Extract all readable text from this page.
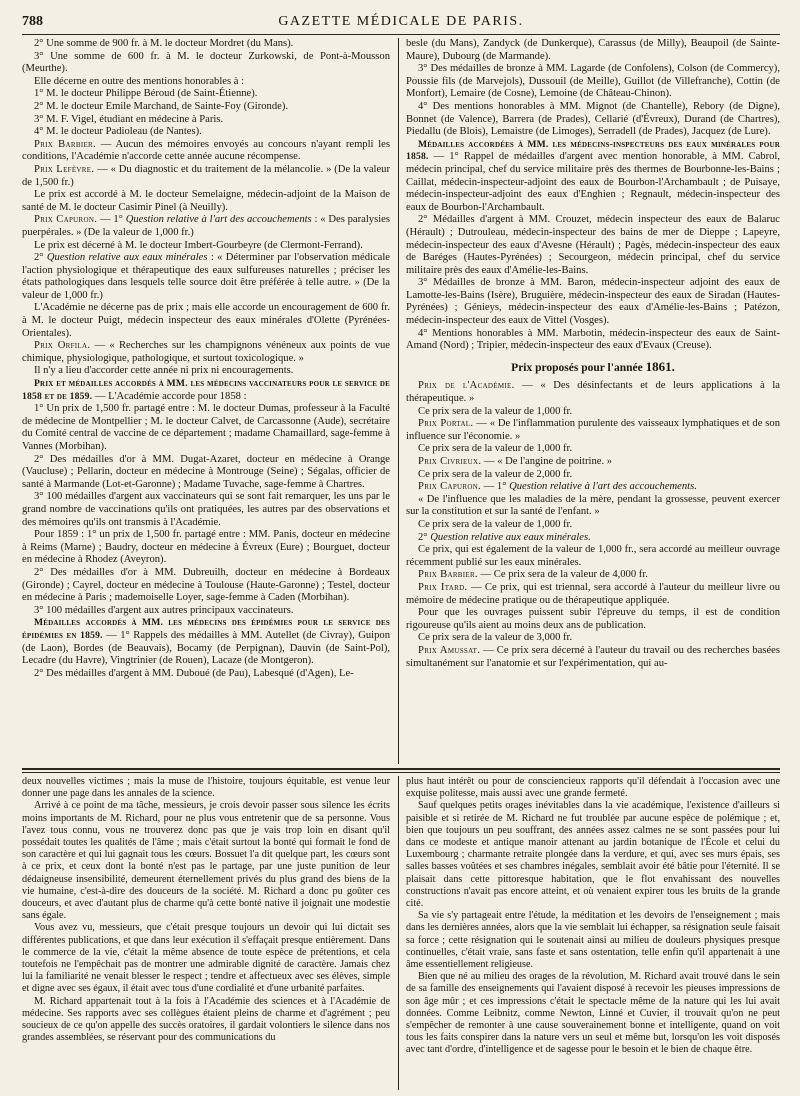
788	GAZETTE MÉDICALE DE PARIS.

2° Une somme de 900 fr. à M. le docteur Mordret (du Mans).

3° Une somme de 600 fr. à M. le docteur Zurkowski, de Pont-à-Mousson (Meurthe).

Elle décerne en outre des mentions honorables à :

1° M. le docteur Philippe Béroud (de Saint-Étienne).

2° M. le docteur Emile Marchand, de Sainte-Foy (Gironde).

3° M. F. Vigel, étudiant en médecine à Paris.

4° M. le docteur Padioleau (de Nantes).

Prix Barbier. — Aucun des mémoires envoyés au concours n'ayant rempli les conditions, l'Académie n'accorde cette année aucune récompense.

Prix Lefèvre. — « Du diagnostic et du traitement de la mélancolie. » (De la valeur de 1,500 fr.)

Le prix est accordé à M. le docteur Semelaigne, médecin-adjoint de la Maison de santé de M. le docteur Casimir Pinel (à Neuilly).

Prix Capuron. — 1° Question relative à l'art des accouchements : « Des paralysies puerpérales. » (De la valeur de 1,000 fr.)

Le prix est décerné à M. le docteur Imbert-Gourbeyre (de Clermont-Ferrand).

2° Question relative aux eaux minérales : « Déterminer par l'observation médicale l'action physiologique et thérapeutique des eaux sulfureuses naturelles ; préciser les états pathologiques dans lesquels telle source doit être préférée à telle autre. » (De la valeur de 1,000 fr.)

L'Académie ne décerne pas de prix ; mais elle accorde un encouragement de 600 fr. à M. le docteur Puigt, médecin inspecteur des eaux minérales d'Olette (Pyrénées-Orientales).

Prix Orfila. — « Recherches sur les champignons vénéneux aux points de vue chimique, physiologique, pathologique, et surtout toxicologique. »

Il n'y a lieu d'accorder cette année ni prix ni encouragements.

Prix et médailles accordés à MM. les médecins vaccinateurs pour le service de 1858 et de 1859. — L'Académie accorde pour 1858 :

1° Un prix de 1,500 fr. partagé entre : M. le docteur Dumas, professeur à la Faculté de médecine de Montpellier ; M. le docteur Calvet, de Carcassonne (Aude), secrétaire du Comité central de vaccine de ce département ; madame Chamaillard, sage-femme à Vannes (Morbihan).

2° Des médailles d'or à MM. Dugat-Azaret, docteur en médecine à Orange (Vaucluse) ; Pellarin, docteur en médecine à Montrouge (Seine) ; Ségalas, officier de santé à Marmande (Lot-et-Garonne) ; Madame Tuvache, sage-femme à Chartres.

3° 100 médailles d'argent aux vaccinateurs qui se sont fait remarquer, les uns par le grand nombre de vaccinations qu'ils ont pratiquées, les autres par des observations et des mémoires qu'ils ont transmis à l'Académie.

Pour 1859 : 1° un prix de 1,500 fr. partagé entre : MM. Panis, docteur en médecine à Reims (Marne) ; Baudry, docteur en médecine à Évreux (Eure) ; Bourguet, docteur en médecine à Rhodez (Aveyron).

2° Des médailles d'or à MM. Dubreuilh, docteur en médecine à Bordeaux (Gironde) ; Cayrel, docteur en médecine à Toulouse (Haute-Garonne) ; Testel, docteur en médecine à Paris ; mademoiselle Loyer, sage-femme à Caden (Morbihan).

3° 100 médailles d'argent aux autres principaux vaccinateurs.

Médailles accordés à MM. les médecins des épidémies pour le service des épidémies en 1859. — 1° Rappels des médailles à MM. Autellet (de Civray), Guipon (de Laon), Bordes (de Beauvais), Bocamy (de Perpignan), Dauvin (de Saint-Pol), Lecadre (du Havre), Vingtrinier (de Rouen), Lacaze (de Montgeron).

2° Des médailles d'argent à MM. Duboué (de Pau), Labesqué (d'Agen), Le-

besle (du Mans), Zandyck (de Dunkerque), Carassus (de Milly), Beaupoil (de Sainte-Maure), Dubourg (de Marmande).

3° Des médailles de bronze à MM. Lagarde (de Confolens), Colson (de Commercy), Poussie fils (de Marvejols), Dussouil (de Meille), Guillot (de Villefranche), Cottin (de Monfort), Lemaire (de Cosne), Lemoine (de Château-Chinon).

4° Des mentions honorables à MM. Mignot (de Chantelle), Rebory (de Digne), Bonnet (de Valence), Barrera (de Prades), Cellarié (d'Évreux), Durand (de Chartres), Piedallu (de Blois), Lemaistre (de Limoges), Serradell (de Prades), Jacquez (de Lure).

Médailles accordées à MM. les médecins-inspecteurs des eaux minérales pour 1858. — 1° Rappel de médailles d'argent avec mention honorable, à MM. Cabrol, médecin principal, chef du service militaire près des thermes de Bourbonne-les-Bains ; Caillat, médecin-inspecteur-adjoint des eaux de Bourbon-l'Archambault ; de Puisaye, médecin-inspecteur-adjoint des eaux d'Enghien ; Regnault, médecin-inspecteur des eaux de Bourbon-l'Archambault.

2° Médailles d'argent à MM. Crouzet, médecin inspecteur des eaux de Balaruc (Hérault) ; Dutrouleau, médecin-inspecteur des bains de mer de Dieppe ; Lapeyre, médecin-inspecteur des eaux d'Avesne (Hérault) ; Pagès, médecin-inspecteur des eaux de Baréges (Hautes-Pyrénées) ; Secourgeon, médecin principal, chef du service militaire près des eaux d'Amélie-les-Bains.

3° Médailles de bronze à MM. Baron, médecin-inspecteur adjoint des eaux de Lamotte-les-Bains (Isère), Bruguière, médecin-inspecteur des eaux de Siradan (Hautes-Pyrénées) ; Génieys, médecin-inspecteur des eaux d'Amélie-les-Bains ; Patézon, médecin-inspecteur des eaux de Vittel (Vosges).

4° Mentions honorables à MM. Marbotin, médecin-inspecteur des eaux de Saint-Amand (Nord) ; Tripier, médecin-inspecteur des eaux d'Evaux (Creuse).

Prix proposés pour l'année 1861.

Prix de l'Académie. — « Des désinfectants et de leurs applications à la thérapeutique. »

Ce prix sera de la valeur de 1,000 fr.

Prix Portal. — « De l'inflammation purulente des vaisseaux lymphatiques et de son influence sur l'économie. »

Ce prix sera de la valeur de 1,000 fr.

Prix Civrieux. — « De l'angine de poitrine. »

Ce prix sera de la valeur de 2,000 fr.

Prix Capuron. — 1° Question relative à l'art des accouchements.

« De l'influence que les maladies de la mère, pendant la grossesse, peuvent exercer sur la constitution et sur la santé de l'enfant. »

Ce prix sera de la valeur de 1,000 fr.

2° Question relative aux eaux minérales.

Ce prix, qui est également de la valeur de 1,000 fr., sera accordé au meilleur ouvrage récemment publié sur les eaux minérales.

Prix Barbier. — Ce prix sera de la valeur de 4,000 fr.

Prix Itard. — Ce prix, qui est triennal, sera accordé à l'auteur du meilleur livre ou mémoire de médecine pratique ou de thérapeutique appliquée.

Pour que les ouvrages puissent subir l'épreuve du temps, il est de condition rigoureuse qu'ils aient au moins deux ans de publication.

Ce prix sera de la valeur de 3,000 fr.

Prix Amussat. — Ce prix sera décerné à l'auteur du travail ou des recherches basées simultanément sur l'anatomie et sur l'expérimentation, qui au-

deux nouvelles victimes ; mais la muse de l'histoire, toujours équitable, est venue leur donner une page dans les annales de la science.

Arrivé à ce point de ma tâche, messieurs, je crois devoir passer sous silence les écrits moins importants de M. Richard, pour ne plus vous entretenir que de sa personne. Vous l'avez tous connu, vous ne trouverez donc pas que je vais trop loin en disant qu'il possédait toutes les qualités de l'âme ; mais c'était surtout la bonté qui formait le fond de son caractère et qui lui gagnait tous les cœurs. Bossuet l'a dit quelque part, les cœurs sont à ce prix, et ceux dont la bonté n'est pas le partage, par une juste punition de leur dédaigneuse insensibilité, demeurent éternellement privés du plus grand des biens de la vie humaine, c'est-à-dire des douceurs de la société. M. Richard a donc pu goûter ces douceurs, et avec d'autant plus de charme qu'à cette bonté native il joignait une modestie sans égale.

Vous avez vu, messieurs, que c'était presque toujours un devoir qui lui dictait ses différentes publications, et que dans leur exécution il s'effaçait presque entièrement. Dans le commerce de la vie, c'était la même absence de toute espèce de prétentions, et cela toutefois ne l'empêchait pas de montrer une admirable dignité de caractère. Jamais chez lui la familiarité ne venait blesser le respect ; tendre et affectueux avec ses élèves, simple et digne avec ses égaux, il était avec tous d'une cordialité et d'une urbanité parfaites.

M. Richard appartenait tout à la fois à l'Académie des sciences et à l'Académie de médecine. Ses rapports avec ses collègues étaient pleins de charme et d'agrément ; peu soucieux de ce qu'on appelle des succès oratoires, il gardait volontiers le silence dans nos grandes assemblées, se réservant pour des communications du

plus haut intérêt ou pour de consciencieux rapports qu'il défendait à l'occasion avec une exquise politesse, mais aussi avec une grande fermeté.

Sauf quelques petits orages inévitables dans la vie académique, l'existence d'ailleurs si paisible et si retirée de M. Richard ne fut troublée par aucune espèce de polémique ; et, bien que toujours un peu souffrant, des années assez calmes ne se sont passées pour lui dans ce modeste et antique manoir attenant au jardin botanique de l'École et celui du Luxembourg ; charmante retraite plongée dans la verdure, et qui, avec ses murs épais, ses salles basses voûtées et ses chambres inégales, semblait avoir été bâtie pour l'éternité. Il se plaisait dans cette pittoresque habitation, que le flot envahissant des nouvelles constructions n'avait pas encore atteint, et où venaient expirer tous les bruits de la grande cité.

Sa vie s'y partageait entre l'étude, la méditation et les devoirs de l'enseignement ; mais dans les dernières années, alors que la vie semblait lui échapper, sa résignation seule faisait sa force ; cette résignation qui le soutenait ainsi au milieu de douleurs physiques presque continuelles, c'était vraie, sans faste et sans ostentation, telle enfin qu'il appartenait à une âme essentiellement religieuse.

Bien que né au milieu des orages de la révolution, M. Richard avait trouvé dans le sein de sa famille des enseignements qui l'avaient disposé à recevoir les pieuses impressions de son âge mûr ; et ces impressions c'était le spectacle même de la nature qui les lui avait données. Comme Leibnitz, comme Newton, Linné et Cuvier, il trouvait qu'on ne peut s'empêcher de remonter à une cause souverainement bonne et intelligente, quand on voit tous les faits conspirer dans la nature vers un seul et même but, lorsqu'on les voit disposés avec tant d'ordre, d'intelligence et de sagesse pour le besoin et le bien de chaque être.
